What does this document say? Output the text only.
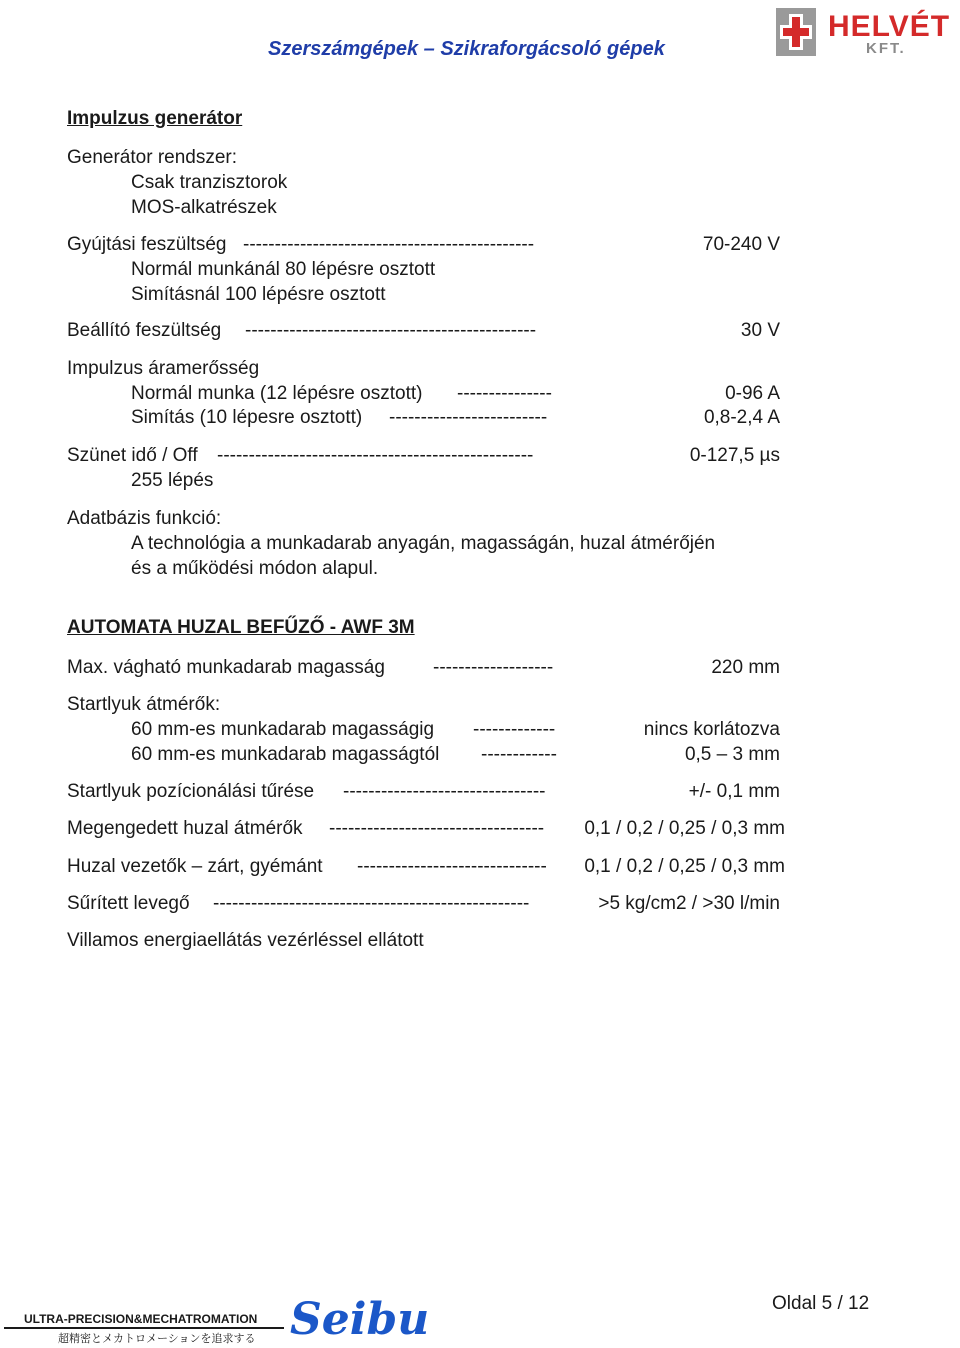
Szerszámgépek – Szikraforgácsoló gépek
HELVÉT
KFT.
Impulzus generátor
Generátor rendszer:
Csak tranzisztorok
MOS-alkatrészek
Gyújtási feszültség ----------------------------------------------	70-240 V
Normál munkánál 80 lépésre osztott
Simításnál 100 lépésre osztott
Beállító feszültség ----------------------------------------------	30 V
Impulzus áramerősség
Normál munka (12 lépésre osztott) ---------------	0-96 A
Simítás (10 lépesre osztott) -------------------------	0,8-2,4 A
Szünet idő / Off --------------------------------------------------	0-127,5 µs
255 lépés
Adatbázis funkció:
A technológia a munkadarab anyagán, magasságán, huzal átmérőjén
és a működési módon alapul.
AUTOMATA HUZAL BEFŰZŐ - AWF 3M
Max. vágható munkadarab magasság	-------------------	220 mm
Startlyuk átmérők:
60 mm-es munkadarab magasságig -------------	nincs korlátozva
60 mm-es munkadarab magasságtól ------------	0,5 – 3 mm
Startlyuk pozícionálási tűrése --------------------------------	+/- 0,1 mm
Megengedett huzal átmérők ----------------------------------	0,1 / 0,2 / 0,25 / 0,3 mm
Huzal vezetők – zárt, gyémánt ------------------------------	0,1 / 0,2 / 0,25 / 0,3 mm
Sűrített levegő --------------------------------------------------	>5 kg/cm2 / >30 l/min
Villamos energiaellátás vezérléssel ellátott
ULTRA-PRECISION&MECHATROMATION
超精密とメカトロメーションを追求する Seibu	Oldal 5 / 12
